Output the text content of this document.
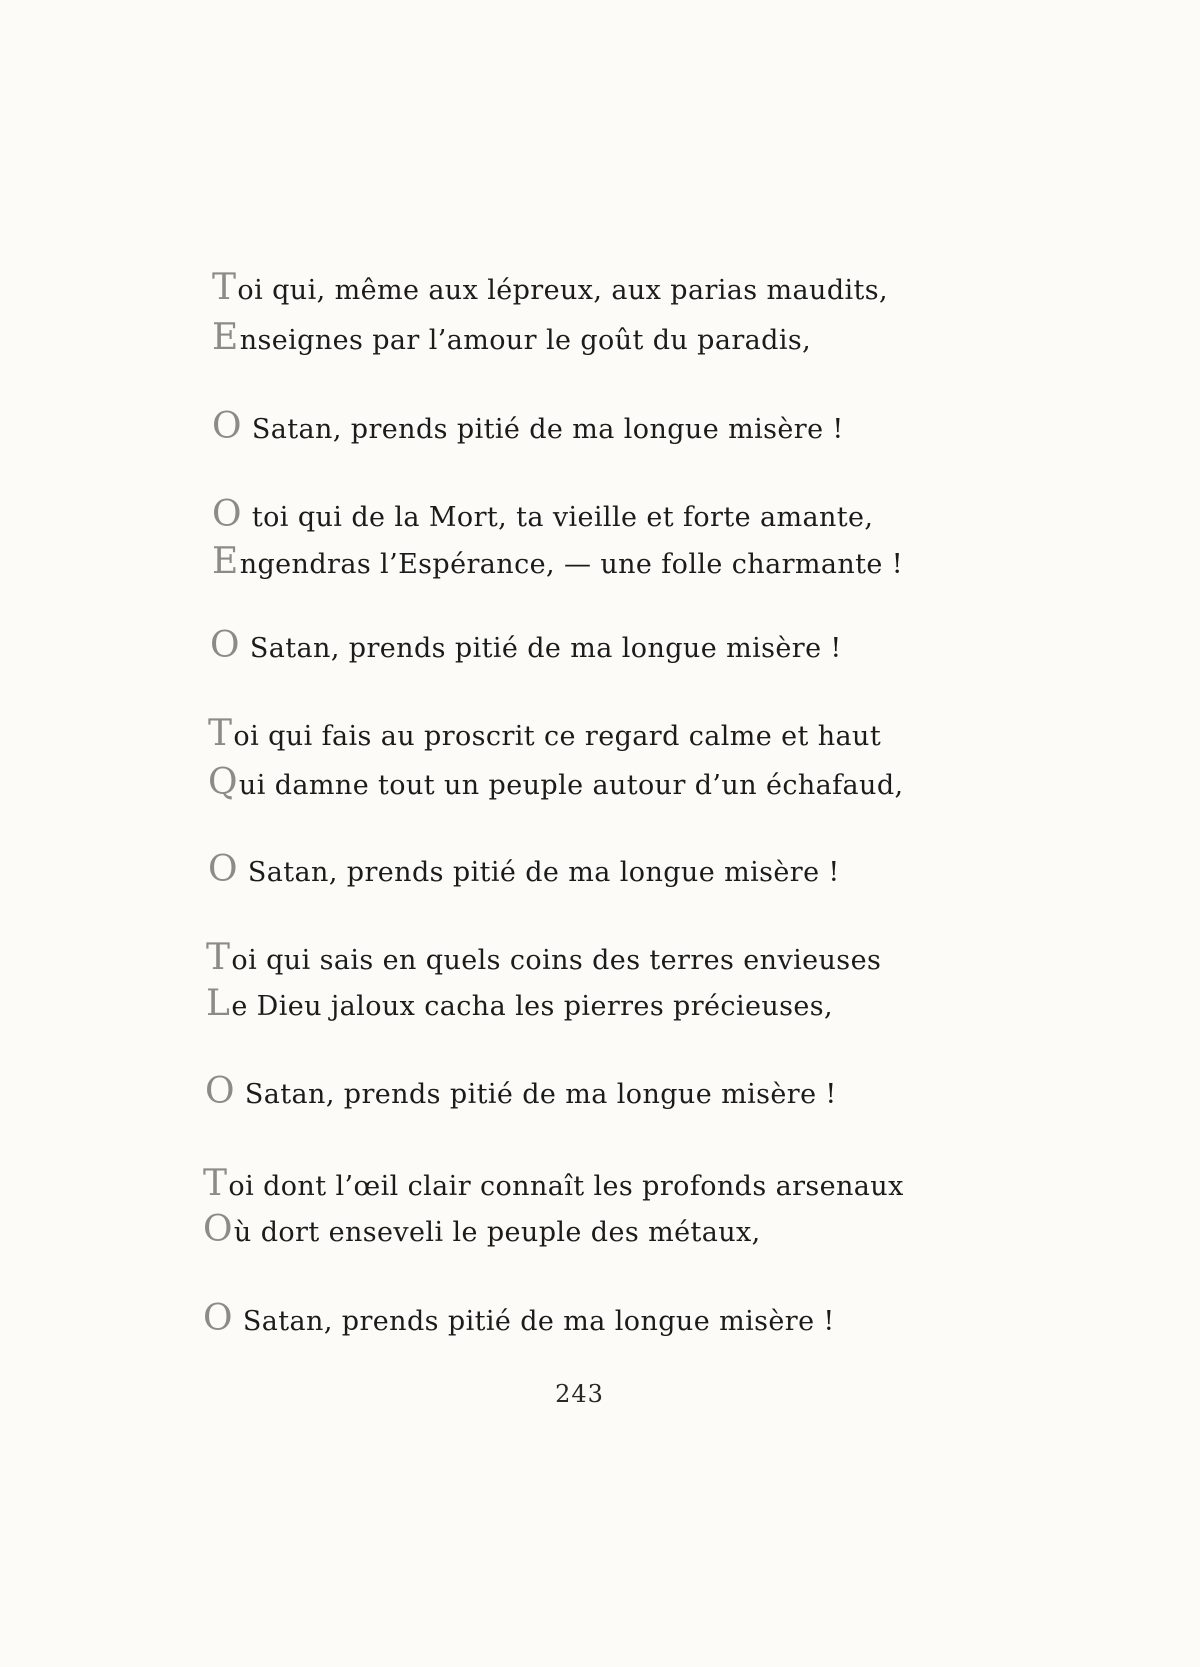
Toi qui, même aux lépreux, aux parias maudits,
Enseignes par l’amour le goût du paradis,
O Satan, prends pitié de ma longue misère !
O toi qui de la Mort, ta vieille et forte amante,
Engendras l’Espérance, — une folle charmante !
O Satan, prends pitié de ma longue misère !
Toi qui fais au proscrit ce regard calme et haut
Qui damne tout un peuple autour d’un échafaud,
O Satan, prends pitié de ma longue misère !
Toi qui sais en quels coins des terres envieuses
Le Dieu jaloux cacha les pierres précieuses,
O Satan, prends pitié de ma longue misère !
Toi dont l’œil clair connaît les profonds arsenaux
Où dort enseveli le peuple des métaux,
O Satan, prends pitié de ma longue misère !
243
